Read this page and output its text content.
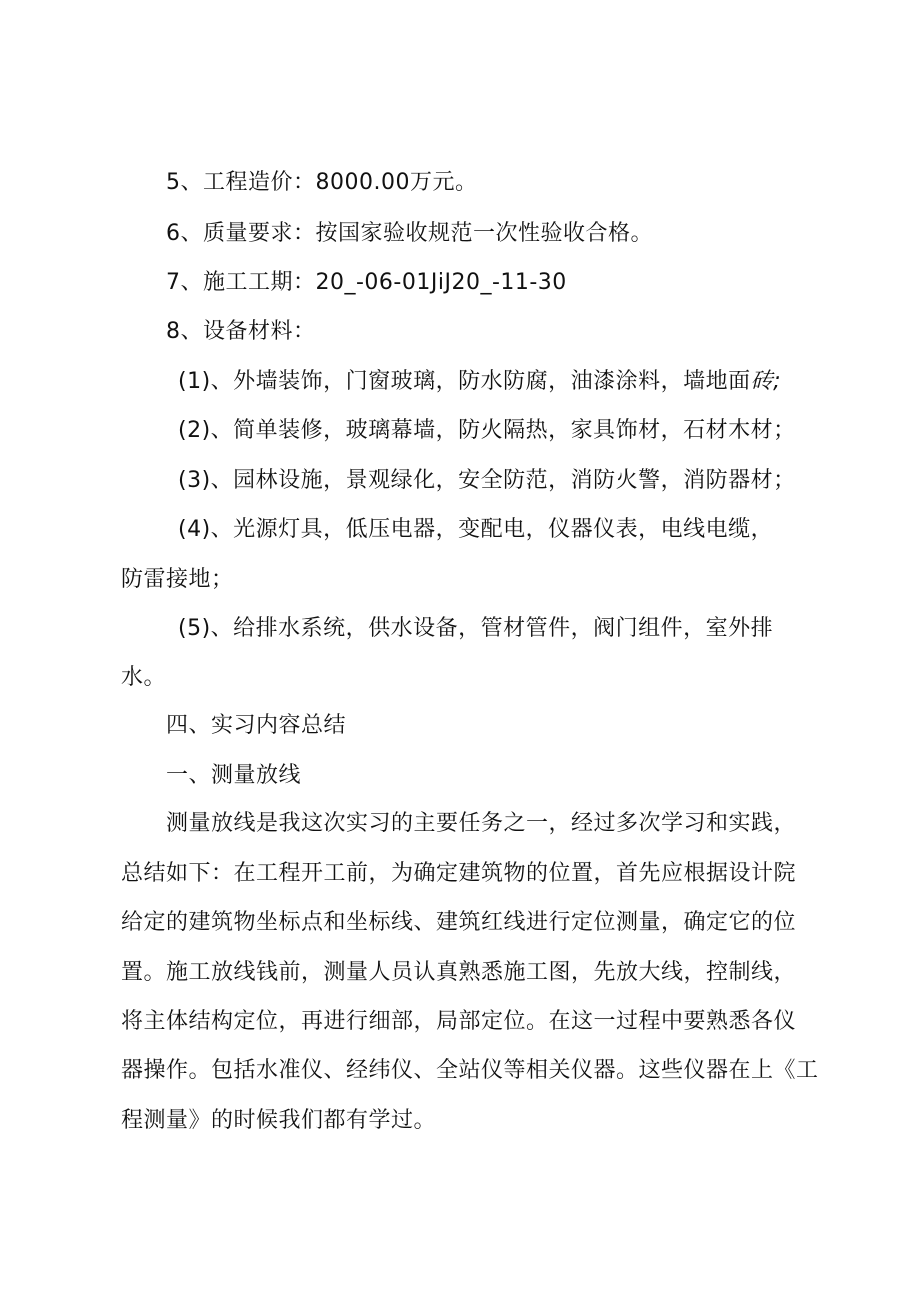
5、工程造价：8000.00万元。
6、质量要求：按国家验收规范一次性验收合格。
7、施工工期：20_-06-01JiJ20_-11-30
8、设备材料：
(1)、外墙装饰，门窗玻璃，防水防腐，油漆涂料，墙地面砖;
(2)、简单装修，玻璃幕墙，防火隔热，家具饰材，石材木材；
(3)、园林设施，景观绿化，安全防范，消防火警，消防器材；
(4)、光源灯具，低压电器，变配电，仪器仪表，电线电缆，
防雷接地；
(5)、给排水系统，供水设备，管材管件，阀门组件，室外排
水。
四、实习内容总结
一、测量放线
测量放线是我这次实习的主要任务之一，经过多次学习和实践，
总结如下：在工程开工前，为确定建筑物的位置，首先应根据设计院
给定的建筑物坐标点和坐标线、建筑红线进行定位测量，确定它的位
置。施工放线钱前，测量人员认真熟悉施工图，先放大线，控制线，
将主体结构定位，再进行细部，局部定位。在这一过程中要熟悉各仪
器操作。包括水准仪、经纬仪、全站仪等相关仪器。这些仪器在上《工
程测量》的时候我们都有学过。
